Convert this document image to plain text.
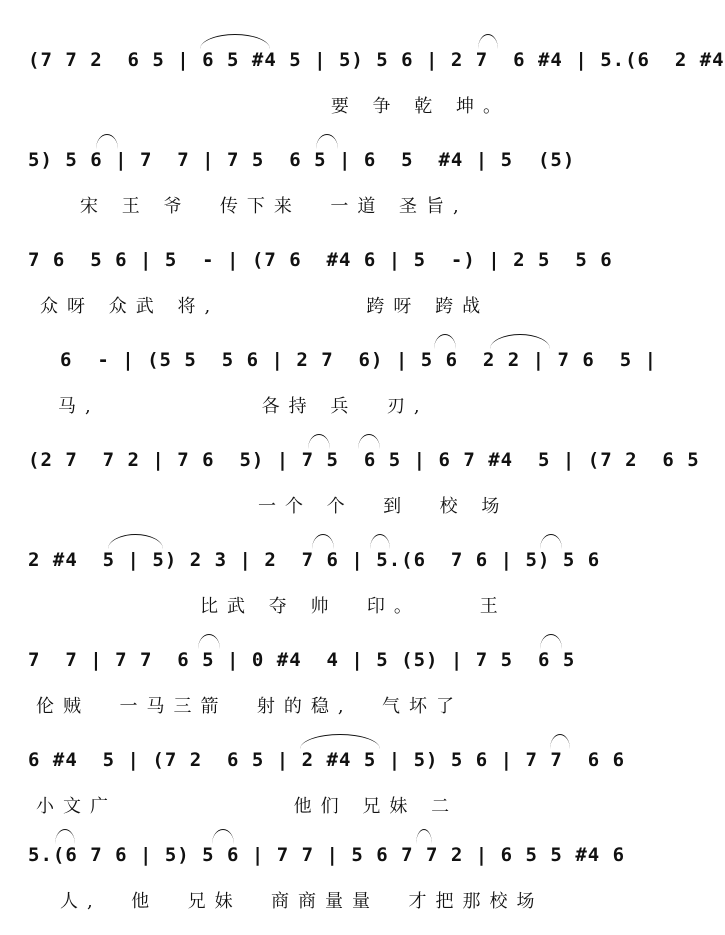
(7 7 2  6 5 | 6 5 #4 5 | 5) 5 6 | 2 7  6 #4 | 5.(6  2 #4
要 争 乾 坤。
5) 5 6 | 7  7 | 7 5  6 5 | 6  5  #4 | 5  (5)
宋 王 爷  传下来  一道 圣旨,
7 6  5 6 | 5  - | (7 6  #4 6 | 5  -) | 2 5  5 6
众呀 众武 将,          跨呀 跨战
6  - | (5 5  5 6 | 2 7  6) | 5 6  2 2 | 7 6  5 |
马,           各持 兵  刃,
(2 7  7 2 | 7 6  5) | 7 5  6 5 | 6 7 #4  5 | (7 2  6 5
一个 个  到  校 场
2 #4  5 | 5) 2 3 | 2  7 6 | 5.(6  7 6 | 5) 5 6
比武 夺 帅  印。    王
7  7 | 7 7  6 5 | 0 #4  4 | 5 (5) | 7 5  6 5
伦贼  一马三箭  射的稳,  气坏了
6 #4  5 | (7 2  6 5 | 2 #4 5 | 5) 5 6 | 7 7  6 6
小文广            他们 兄妹 二
5.(6 7 6 | 5) 5 6 | 7 7 | 5 6 7 7 2 | 6 5 5 #4 6
人,  他  兄妹  商商量量  才把那校场
